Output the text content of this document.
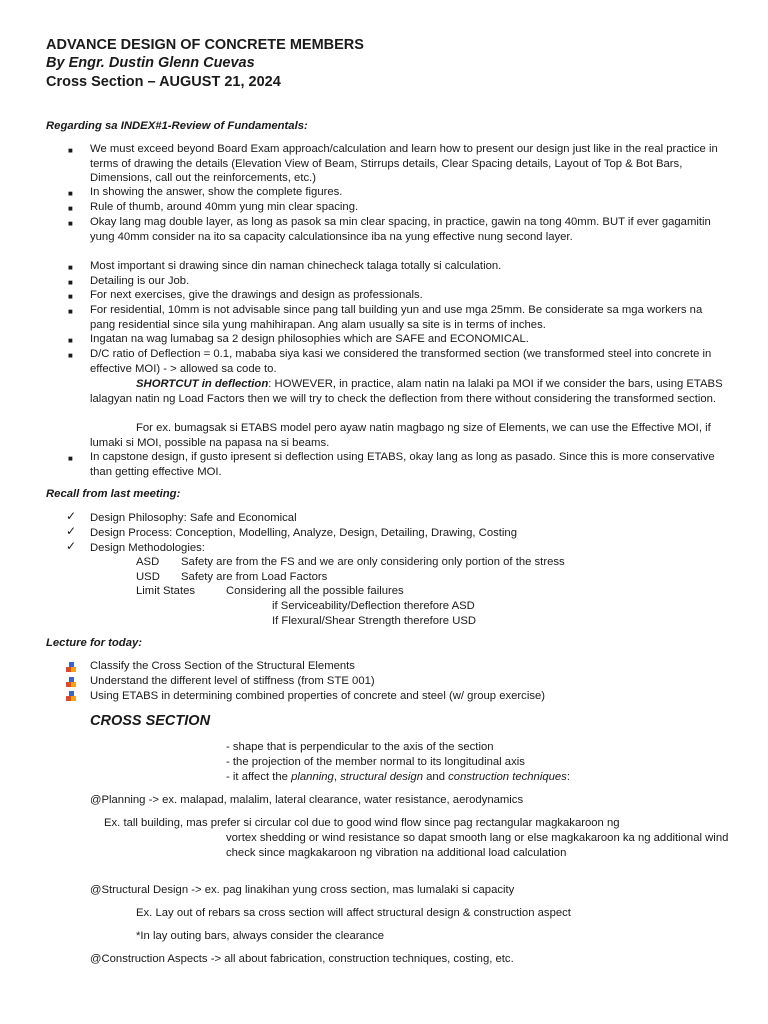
ADVANCE DESIGN OF CONCRETE MEMBERS
By Engr. Dustin Glenn Cuevas
Cross Section – AUGUST 21, 2024
Regarding sa INDEX#1-Review of Fundamentals:
■ We must exceed beyond Board Exam approach/calculation and learn how to present our design just like in the real practice in terms of drawing the details (Elevation View of Beam, Stirrups details, Clear Spacing details, Layout of Top & Bot Bars, Dimensions, call out the reinforcements, etc.)
■ In showing the answer, show the complete figures.
■ Rule of thumb, around 40mm yung min clear spacing.
■ Okay lang mag double layer, as long as pasok sa min clear spacing, in practice, gawin na tong 40mm. BUT if ever gagamitin yung 40mm consider na ito sa capacity calculationsince iba na yung effective nung second layer.
■ Most important si drawing since din naman chinecheck talaga totally si calculation.
■ Detailing is our Job.
■ For next exercises, give the drawings and design as professionals.
■ For residential, 10mm is not advisable since pang tall building yun and use mga 25mm. Be considerate sa mga workers na pang residential since sila yung mahihirapan. Ang alam usually sa site is in terms of inches.
■ Ingatan na wag lumabag sa 2 design philosophies which are SAFE and ECONOMICAL.
■ D/C ratio of Deflection = 0.1, mababa siya kasi we considered the transformed section (we transformed steel into concrete in effective MOI) - > allowed sa code to.
SHORTCUT in deflection: HOWEVER, in practice, alam natin na lalaki pa MOI if we consider the bars, using ETABS lalagyan natin ng Load Factors then we will try to check the deflection from there without considering the transformed section.
For ex. bumagsak si ETABS model pero ayaw natin magbago ng size of Elements, we can use the Effective MOI, if lumaki si MOI, possible na papasa na si beams.
■ In capstone design, if gusto ipresent si deflection using ETABS, okay lang as long as pasado. Since this is more conservative than getting effective MOI.
Recall from last meeting:
✓ Design Philosophy: Safe and Economical
✓ Design Process: Conception, Modelling, Analyze, Design, Detailing, Drawing, Costing
✓ Design Methodologies:
ASD Safety are from the FS and we are only considering only portion of the stress
USD Safety are from Load Factors
Limit States	Considering all the possible failures
if Serviceability/Deflection therefore ASD
If Flexural/Shear Strength therefore USD
Lecture for today:
Classify the Cross Section of the Structural Elements
Understand the different level of stiffness (from STE 001)
Using ETABS in determining combined properties of concrete and steel (w/ group exercise)
CROSS SECTION
- shape that is perpendicular to the axis of the section
- the projection of the member normal to its longitudinal axis
- it affect the planning, structural design and construction techniques:
@Planning -> ex. malapad, malalim, lateral clearance, water resistance, aerodynamics
Ex. tall building, mas prefer si circular col due to good wind flow since pag rectangular magkakaroon ng
vortex shedding or wind resistance so dapat smooth lang or else magkakaroon ka ng additional wind check since magkakaroon ng vibration na additional load calculation
@Structural Design -> ex. pag linakihan yung cross section, mas lumalaki si capacity
Ex. Lay out of rebars sa cross section will affect structural design & construction aspect
*In lay outing bars, always consider the clearance
@Construction Aspects -> all about fabrication, construction techniques, costing, etc.
